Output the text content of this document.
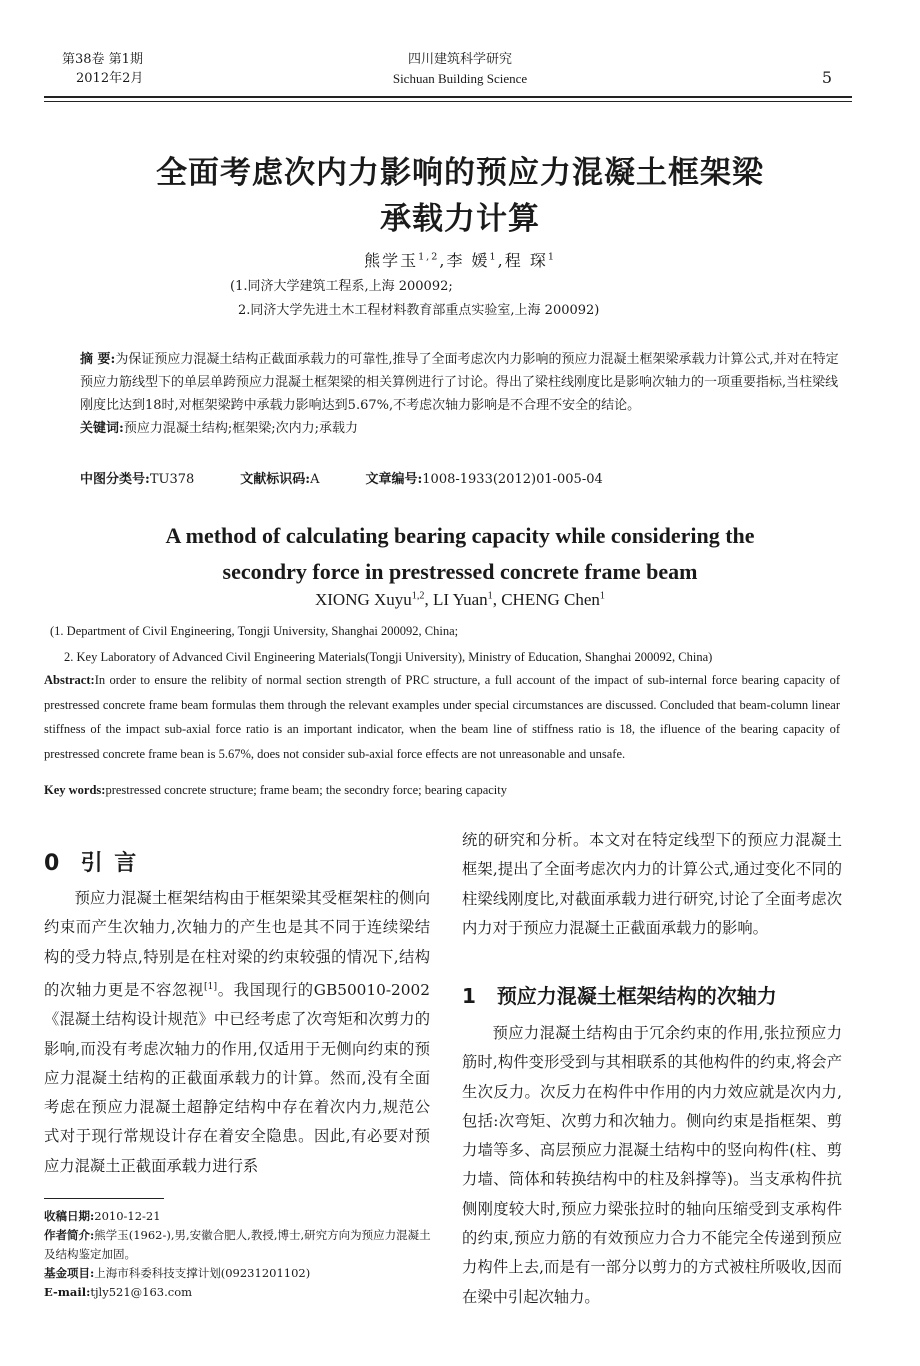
第38卷 第1期
2012年2月
四川建筑科学研究
Sichuan Building Science	5
全面考虑次内力影响的预应力混凝土框架梁
承载力计算
熊学玉$^{1,2}$,李 媛$^1$,程 琛$^1$
(1.同济大学建筑工程系,上海 200092;
2.同济大学先进土木工程材料教育部重点实验室,上海 200092)

摘 要:为保证预应力混凝土结构正截面承载力的可靠性,推导了全面考虑次内力影响的预应力混凝土框架梁承载力计算公式,并对在特定预应力筋线型下的单层单跨预应力混凝土框架梁的相关算例进行了讨论。得出了梁柱线刚度比是影响次轴力的一项重要指标,当柱梁线刚度比达到18时,对框架梁跨中承载力影响达到5.67%,不考虑次轴力影响是不合理不安全的结论。

关键词:预应力混凝土结构;框架梁;次内力;承载力

中图分类号:TU378	文献标识码:A	文章编号:1008-1933(2012)01-005-04
A method of calculating bearing capacity while considering the
secondry force in prestressed concrete frame beam
XIONG Xuyu$^{1,2}$, LI Yuan$^1$, CHENG Chen$^1$
(1. Department of Civil Engineering, Tongji University, Shanghai 200092, China;
2. Key Laboratory of Advanced Civil Engineering Materials(Tongji University), Ministry of Education, Shanghai 200092, China)
Abstract:In order to ensure the relibity of normal section strength of PRC structure, a full account of the impact of sub-internal force bearing capacity of prestressed concrete frame beam formulas them through the relevant examples under special circumstances are discussed. Concluded that beam-column linear stiffness of the impact sub-axial force ratio is an important indicator, when the beam line of stiffness ratio is 18, the ifluence of the bearing capacity of prestressed concrete frame bean is 5.67%, does not consider sub-axial force effects are not unreasonable and unsafe.
Key words:prestressed concrete structure; frame beam; the secondry force; bearing capacity
0 引 言

预应力混凝土框架结构由于框架梁其受框架柱的侧向约束而产生次轴力,次轴力的产生也是其不同于连续梁结构的受力特点,特别是在柱对梁的约束较强的情况下,结构的次轴力更是不容忽视[1]。我国现行的GB50010-2002《混凝土结构设计规范》中已经考虑了次弯矩和次剪力的影响,而没有考虑次轴力的作用,仅适用于无侧向约束的预应力混凝土结构的正截面承载力的计算。然而,没有全面考虑在预应力混凝土超静定结构中存在着次内力,规范公式对于现行常规设计存在着安全隐患。因此,有必要对预应力混凝土正截面承载力进行系

统的研究和分析。本文对在特定线型下的预应力混凝土框架,提出了全面考虑次内力的计算公式,通过变化不同的柱梁线刚度比,对截面承载力进行研究,讨论了全面考虑次内力对于预应力混凝土正截面承载力的影响。

1 预应力混凝土框架结构的次轴力

预应力混凝土结构由于冗余约束的作用,张拉预应力筋时,构件变形受到与其相联系的其他构件的约束,将会产生次反力。次反力在构件中作用的内力效应就是次内力,包括:次弯矩、次剪力和次轴力。侧向约束是指框架、剪力墙等多、高层预应力混凝土结构中的竖向构件(柱、剪力墙、筒体和转换结构中的柱及斜撑等)。当支承构件抗侧刚度较大时,预应力梁张拉时的轴向压缩受到支承构件的约束,预应力筋的有效预应力合力不能完全传递到预应力构件上去,而是有一部分以剪力的方式被柱所吸收,因而在梁中引起次轴力。

收稿日期:2010-12-21
作者简介:熊学玉(1962-),男,安徽合肥人,教授,博士,研究方向为预应力混凝土及结构鉴定加固。
基金项目:上海市科委科技支撑计划(09231201102)
E-mail:tjly521@163.com
